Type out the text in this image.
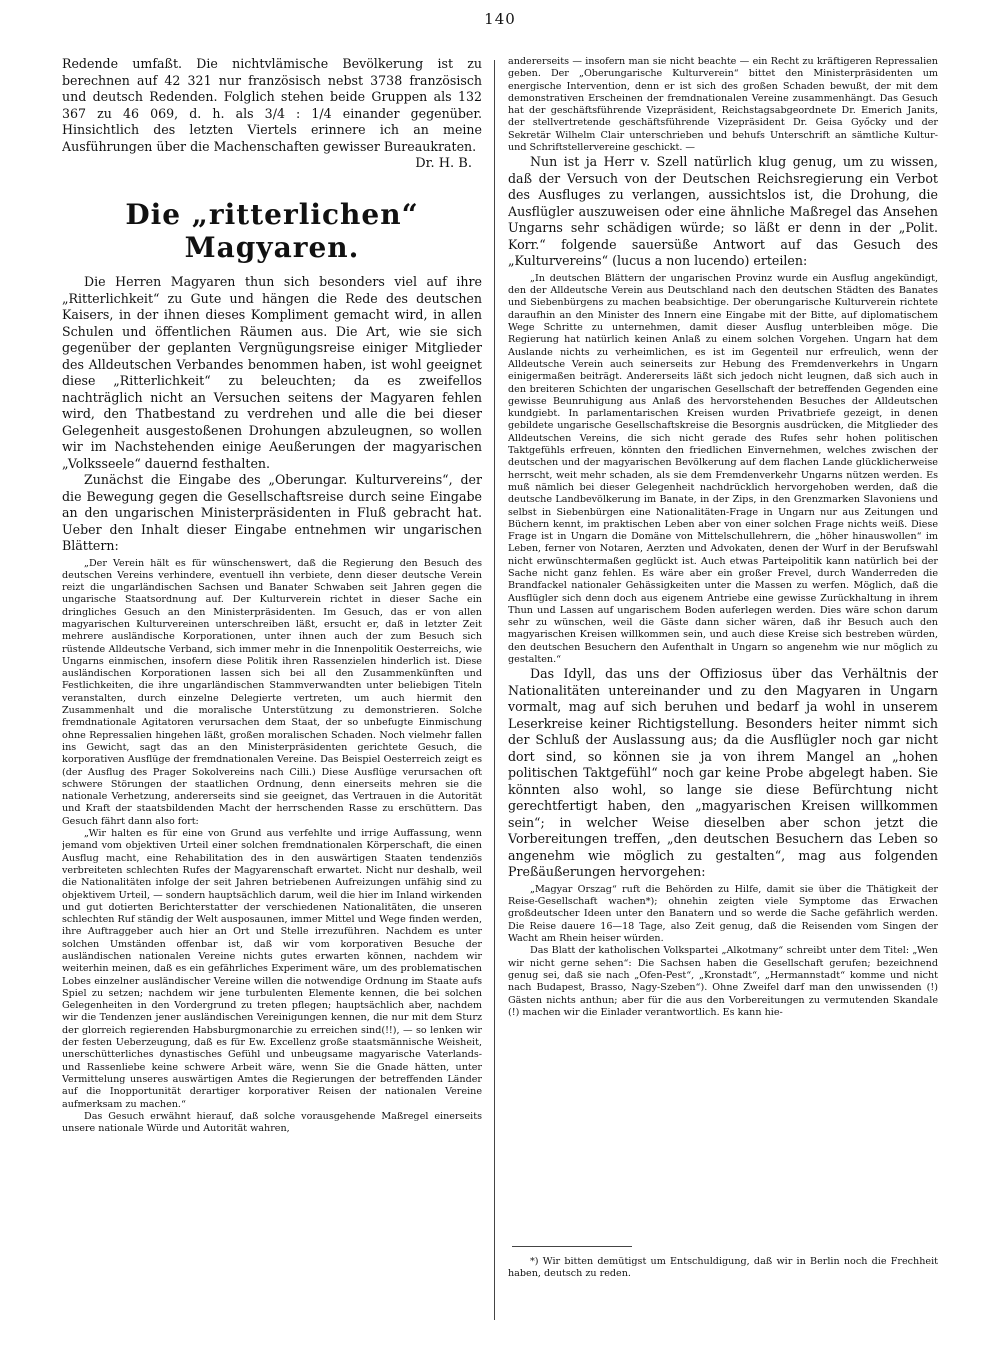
140

Redende umfaßt. Die nichtvlämische Bevölkerung ist zu berechnen auf 42 321 nur französisch nebst 3738 französisch und deutsch Redenden. Folglich stehen beide Gruppen als 132 367 zu 46 069, d. h. als 3/4 : 1/4 einander gegenüber. Hinsichtlich des letzten Viertels erinnere ich an meine Ausführungen über die Machenschaften gewisser Bureaukraten.

Dr. H. B.
Die „ritterlichen“ Magyaren.

Die Herren Magyaren thun sich besonders viel auf ihre „Ritterlichkeit“ zu Gute und hängen die Rede des deutschen Kaisers, in der ihnen dieses Kompliment gemacht wird, in allen Schulen und öffentlichen Räumen aus. Die Art, wie sie sich gegenüber der geplanten Vergnügungsreise einiger Mitglieder des Alldeutschen Verbandes benommen haben, ist wohl geeignet diese „Ritterlichkeit“ zu beleuchten; da es zweifellos nachträglich nicht an Versuchen seitens der Magyaren fehlen wird, den Thatbestand zu verdrehen und alle die bei dieser Gelegenheit ausgestoßenen Drohungen abzuleugnen, so wollen wir im Nachstehenden einige Aeußerungen der magyarischen „Volksseele“ dauernd festhalten.

Zunächst die Eingabe des „Oberungar. Kulturvereins“, der die Bewegung gegen die Gesellschaftsreise durch seine Eingabe an den ungarischen Ministerpräsidenten in Fluß gebracht hat. Ueber den Inhalt dieser Eingabe entnehmen wir ungarischen Blättern:

„Der Verein hält es für wünschenswert, daß die Regierung den Besuch des deutschen Vereins verhindere, eventuell ihn verbiete, denn dieser deutsche Verein reizt die ungarländischen Sachsen und Banater Schwaben seit Jahren gegen die ungarische Staatsordnung auf. Der Kulturverein richtet in dieser Sache ein dringliches Gesuch an den Ministerpräsidenten. Im Gesuch, das er von allen magyarischen Kulturvereinen unterschreiben läßt, ersucht er, daß in letzter Zeit mehrere ausländische Korporationen, unter ihnen auch der zum Besuch sich rüstende Alldeutsche Verband, sich immer mehr in die Innenpolitik Oesterreichs, wie Ungarns einmischen, insofern diese Politik ihren Rassenzielen hinderlich ist. Diese ausländischen Korporationen lassen sich bei all den Zusammenkünften und Festlichkeiten, die ihre ungarländischen Stammverwandten unter beliebigen Titeln veranstalten, durch einzelne Delegierte vertreten, um auch hiermit den Zusammenhalt und die moralische Unterstützung zu demonstrieren. Solche fremdnationale Agitatoren verursachen dem Staat, der so unbefugte Einmischung ohne Repressalien hingehen läßt, großen moralischen Schaden. Noch vielmehr fallen ins Gewicht, sagt das an den Ministerpräsidenten gerichtete Gesuch, die korporativen Ausflüge der fremdnationalen Vereine. Das Beispiel Oesterreich zeigt es (der Ausflug des Prager Sokolvereins nach Cilli.) Diese Ausflüge verursachen oft schwere Störungen der staatlichen Ordnung, denn einerseits mehren sie die nationale Verhetzung, andererseits sind sie geeignet, das Vertrauen in die Autorität und Kraft der staatsbildenden Macht der herrschenden Rasse zu erschüttern. Das Gesuch fährt dann also fort:

„Wir halten es für eine von Grund aus verfehlte und irrige Auffassung, wenn jemand vom objektiven Urteil einer solchen fremdnationalen Körperschaft, die einen Ausflug macht, eine Rehabilitation des in den auswärtigen Staaten tendenziös verbreiteten schlechten Rufes der Magyarenschaft erwartet. Nicht nur deshalb, weil die Nationalitäten infolge der seit Jahren betriebenen Aufreizungen unfähig sind zu objektivem Urteil, — sondern hauptsächlich darum, weil die hier im Inland wirkenden und gut dotierten Berichterstatter der verschiedenen Nationalitäten, die unseren schlechten Ruf ständig der Welt ausposaunen, immer Mittel und Wege finden werden, ihre Auftraggeber auch hier an Ort und Stelle irrezuführen. Nachdem es unter solchen Umständen offenbar ist, daß wir vom korporativen Besuche der ausländischen nationalen Vereine nichts gutes erwarten können, nachdem wir weiterhin meinen, daß es ein gefährliches Experiment wäre, um des problematischen Lobes einzelner ausländischer Vereine willen die notwendige Ordnung im Staate aufs Spiel zu setzen; nachdem wir jene turbulenten Elemente kennen, die bei solchen Gelegenheiten in den Vordergrund zu treten pflegen; hauptsächlich aber, nachdem wir die Tendenzen jener ausländischen Vereinigungen kennen, die nur mit dem Sturz der glorreich regierenden Habsburgmonarchie zu erreichen sind(!!), — so lenken wir der festen Ueberzeugung, daß es für Ew. Excellenz große staatsmännische Weisheit, unerschütterliches dynastisches Gefühl und unbeugsame magyarische Vaterlands- und Rassenliebe keine schwere Arbeit wäre, wenn Sie die Gnade hätten, unter Vermittelung unseres auswärtigen Amtes die Regierungen der betreffenden Länder auf die Inopportunität derartiger korporativer Reisen der nationalen Vereine aufmerksam zu machen.“

Das Gesuch erwähnt hierauf, daß solche vorausgehende Maßregel einerseits unsere nationale Würde und Autorität wahren,

andererseits — insofern man sie nicht beachte — ein Recht zu kräftigeren Repressalien geben. Der „Oberungarische Kulturverein“ bittet den Ministerpräsidenten um energische Intervention, denn er ist sich des großen Schaden bewußt, der mit dem demonstrativen Erscheinen der fremdnationalen Vereine zusammenhängt. Das Gesuch hat der geschäftsführende Vizepräsident, Reichstagsabgeordnete Dr. Emerich Janits, der stellvertretende geschäftsführende Vizepräsident Dr. Geisa Győcky und der Sekretär Wilhelm Clair unterschrieben und behufs Unterschrift an sämtliche Kultur- und Schriftstellervereine geschickt. —

Nun ist ja Herr v. Szell natürlich klug genug, um zu wissen, daß der Versuch von der Deutschen Reichsregierung ein Verbot des Ausfluges zu verlangen, aussichtslos ist, die Drohung, die Ausflügler auszuweisen oder eine ähnliche Maßregel das Ansehen Ungarns sehr schädigen würde; so läßt er denn in der „Polit. Korr.“ folgende sauersüße Antwort auf das Gesuch des „Kulturvereins“ (lucus a non lucendo) erteilen:

„In deutschen Blättern der ungarischen Provinz wurde ein Ausflug angekündigt, den der Alldeutsche Verein aus Deutschland nach den deutschen Städten des Banates und Siebenbürgens zu machen beabsichtige. Der oberungarische Kulturverein richtete daraufhin an den Minister des Innern eine Eingabe mit der Bitte, auf diplomatischem Wege Schritte zu unternehmen, damit dieser Ausflug unterbleiben möge. Die Regierung hat natürlich keinen Anlaß zu einem solchen Vorgehen. Ungarn hat dem Auslande nichts zu verheimlichen, es ist im Gegenteil nur erfreulich, wenn der Alldeutsche Verein auch seinerseits zur Hebung des Fremdenverkehrs in Ungarn einigermaßen beiträgt. Andererseits läßt sich jedoch nicht leugnen, daß sich auch in den breiteren Schichten der ungarischen Gesellschaft der betreffenden Gegenden eine gewisse Beunruhigung aus Anlaß des hervorstehenden Besuches der Alldeutschen kundgiebt. In parlamentarischen Kreisen wurden Privatbriefe gezeigt, in denen gebildete ungarische Gesellschaftskreise die Besorgnis ausdrücken, die Mitglieder des Alldeutschen Vereins, die sich nicht gerade des Rufes sehr hohen politischen Taktgefühls erfreuen, könnten den friedlichen Einvernehmen, welches zwischen der deutschen und der magyarischen Bevölkerung auf dem flachen Lande glücklicherweise herrscht, weit mehr schaden, als sie dem Fremdenverkehr Ungarns nützen werden. Es muß nämlich bei dieser Gelegenheit nachdrücklich hervorgehoben werden, daß die deutsche Landbevölkerung im Banate, in der Zips, in den Grenzmarken Slavoniens und selbst in Siebenbürgen eine Nationalitäten-Frage in Ungarn nur aus Zeitungen und Büchern kennt, im praktischen Leben aber von einer solchen Frage nichts weiß. Diese Frage ist in Ungarn die Domäne von Mittelschullehrern, die „höher hinauswollen“ im Leben, ferner von Notaren, Aerzten und Advokaten, denen der Wurf in der Berufswahl nicht erwünschtermaßen geglückt ist. Auch etwas Parteipolitik kann natürlich bei der Sache nicht ganz fehlen. Es wäre aber ein großer Frevel, durch Wanderreden die Brandfackel nationaler Gehässigkeiten unter die Massen zu werfen. Möglich, daß die Ausflügler sich denn doch aus eigenem Antriebe eine gewisse Zurückhaltung in ihrem Thun und Lassen auf ungarischem Boden auferlegen werden. Dies wäre schon darum sehr zu wünschen, weil die Gäste dann sicher wären, daß ihr Besuch auch den magyarischen Kreisen willkommen sein, und auch diese Kreise sich bestreben würden, den deutschen Besuchern den Aufenthalt in Ungarn so angenehm wie nur möglich zu gestalten.“

Das Idyll, das uns der Offiziosus über das Verhältnis der Nationalitäten untereinander und zu den Magyaren in Ungarn vormalt, mag auf sich beruhen und bedarf ja wohl in unserem Leserkreise keiner Richtigstellung. Besonders heiter nimmt sich der Schluß der Auslassung aus; da die Ausflügler noch gar nicht dort sind, so können sie ja von ihrem Mangel an „hohen politischen Taktgefühl“ noch gar keine Probe abgelegt haben. Sie könnten also wohl, so lange sie diese Befürchtung nicht gerechtfertigt haben, den „magyarischen Kreisen willkommen sein“; in welcher Weise dieselben aber schon jetzt die Vorbereitungen treffen, „den deutschen Besuchern das Leben so angenehm wie möglich zu gestalten“, mag aus folgenden Preßäußerungen hervorgehen:

„Magyar Orszag“ ruft die Behörden zu Hilfe, damit sie über die Thätigkeit der Reise-Gesellschaft wachen*); ohnehin zeigten viele Symptome das Erwachen großdeutscher Ideen unter den Banatern und so werde die Sache gefährlich werden. Die Reise dauere 16—18 Tage, also Zeit genug, daß die Reisenden vom Singen der Wacht am Rhein heiser würden.

Das Blatt der katholischen Volkspartei „Alkotmany“ schreibt unter dem Titel: „Wen wir nicht gerne sehen“: Die Sachsen haben die Gesellschaft gerufen; bezeichnend genug sei, daß sie nach „Ofen-Pest“, „Kronstadt“, „Hermannstadt“ komme und nicht nach Budapest, Brasso, Nagy-Szeben“). Ohne Zweifel darf man den unwissenden (!) Gästen nichts anthun; aber für die aus den Vorbereitungen zu vermutenden Skandale (!) machen wir die Einlader verantwortlich. Es kann hie-

*) Wir bitten demütigst um Entschuldigung, daß wir in Berlin noch die Frechheit haben, deutsch zu reden.
